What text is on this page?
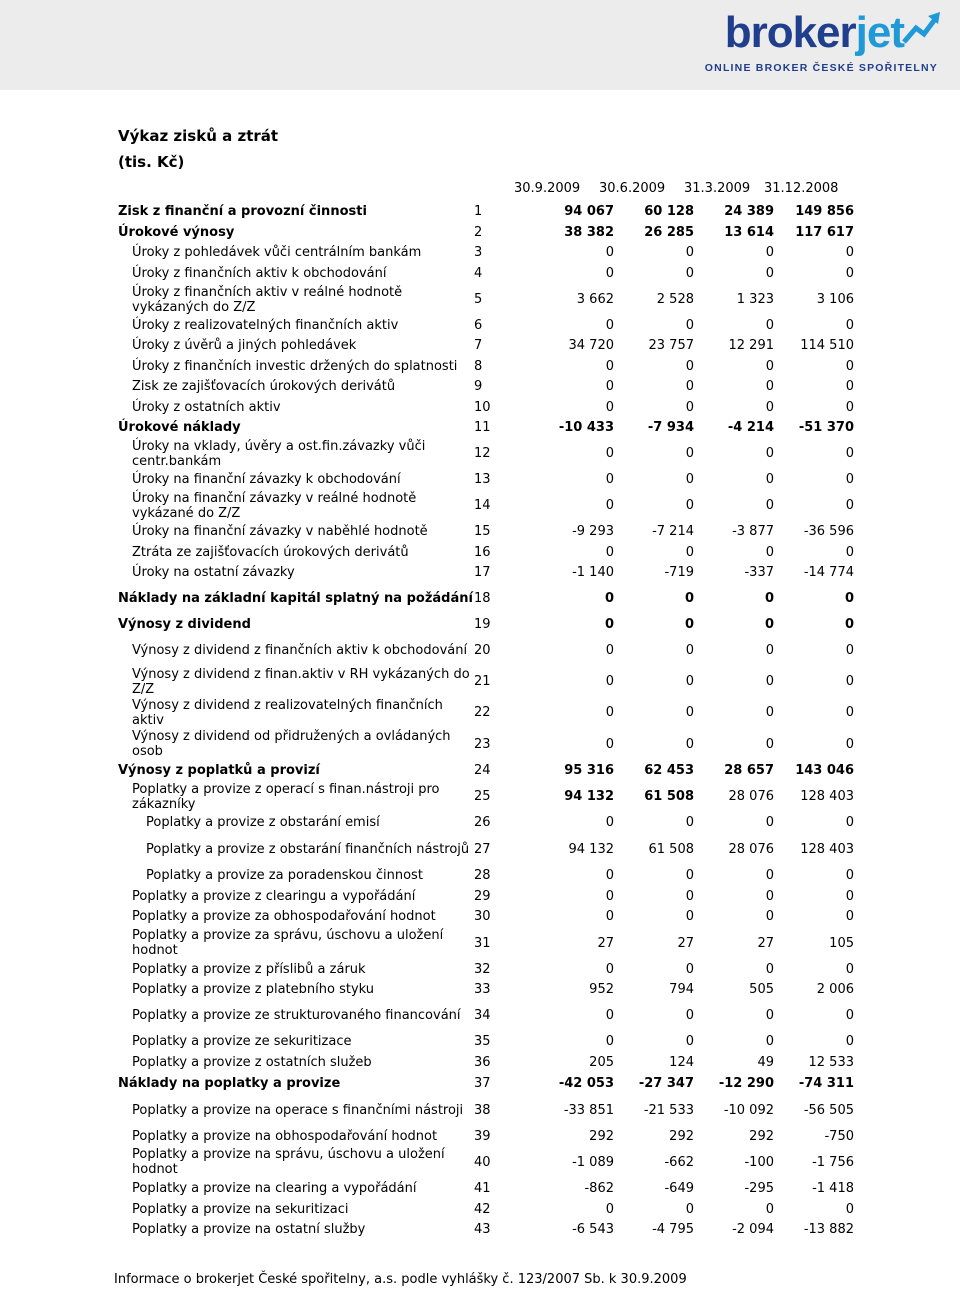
brokerjet
ONLINE BROKER ČESKÉ SPOŘITELNY
Výkaz zisků a ztrát
(tis. Kč)
30.9.2009 30.6.2009 31.3.2009 31.12.2008
Zisk z finanční a provozní činnosti	1	94 067	60 128	24 389	149 856
Úrokové výnosy	2	38 382	26 285	13 614	117 617
Úroky z pohledávek vůči centrálním bankám	3	0	0	0	0
Úroky z finančních aktiv k obchodování	4	0	0	0	0
Úroky z finančních aktiv v reálné hodnotě vykázaných do Z/Z	5	3 662	2 528	1 323	3 106
Úroky z realizovatelných finančních aktiv	6	0	0	0	0
Úroky z úvěrů a jiných pohledávek	7	34 720	23 757	12 291	114 510
Úroky z finančních investic držených do splatnosti	8	0	0	0	0
Zisk ze zajišťovacích úrokových derivátů	9	0	0	0	0
Úroky z ostatních aktiv	10	0	0	0	0
Úrokové náklady	11	-10 433	-7 934	-4 214	-51 370
Úroky na vklady, úvěry a ost.fin.závazky vůči centr.bankám	12	0	0	0	0
Úroky na finanční závazky k obchodování	13	0	0	0	0
Úroky na finanční závazky v reálné hodnotě vykázané do Z/Z	14	0	0	0	0
Úroky na finanční závazky v naběhlé hodnotě	15	-9 293	-7 214	-3 877	-36 596
Ztráta ze zajišťovacích úrokových derivátů	16	0	0	0	0
Úroky na ostatní závazky	17	-1 140	-719	-337	-14 774
Náklady na základní kapitál splatný na požádání	18	0	0	0	0
Výnosy z dividend	19	0	0	0	0
Výnosy z dividend z finančních aktiv k obchodování	20	0	0	0	0
Výnosy z dividend z finan.aktiv v RH vykázaných do Z/Z	21	0	0	0	0
Výnosy z dividend z realizovatelných finančních aktiv	22	0	0	0	0
Výnosy z dividend od přidružených a ovládaných osob	23	0	0	0	0
Výnosy z poplatků a provizí	24	95 316	62 453	28 657	143 046
Poplatky a provize z operací s finan.nástroji pro zákazníky	25	94 132	61 508	28 076	128 403
Poplatky a provize z obstarání emisí	26	0	0	0	0
Poplatky a provize z obstarání finančních nástrojů	27	94 132	61 508	28 076	128 403
Poplatky a provize za poradenskou činnost	28	0	0	0	0
Poplatky a provize z clearingu a vypořádání	29	0	0	0	0
Poplatky a provize za obhospodařování hodnot	30	0	0	0	0
Poplatky a provize za správu, úschovu a uložení hodnot	31	27	27	27	105
Poplatky a provize z příslibů a záruk	32	0	0	0	0
Poplatky a provize z platebního styku	33	952	794	505	2 006
Poplatky a provize ze strukturovaného financování	34	0	0	0	0
Poplatky a provize ze sekuritizace	35	0	0	0	0
Poplatky a provize z ostatních služeb	36	205	124	49	12 533
Náklady na poplatky a provize	37	-42 053	-27 347	-12 290	-74 311
Poplatky a provize na operace s finančními nástroji	38	-33 851	-21 533	-10 092	-56 505
Poplatky a provize na obhospodařování hodnot	39	292	292	292	-750
Poplatky a provize na správu, úschovu a uložení hodnot	40	-1 089	-662	-100	-1 756
Poplatky a provize na clearing a vypořádání	41	-862	-649	-295	-1 418
Poplatky a provize na sekuritizaci	42	0	0	0	0
Poplatky a provize na ostatní služby	43	-6 543	-4 795	-2 094	-13 882
Informace o brokerjet České spořitelny, a.s. podle vyhlášky č. 123/2007 Sb. k 30.9.2009
